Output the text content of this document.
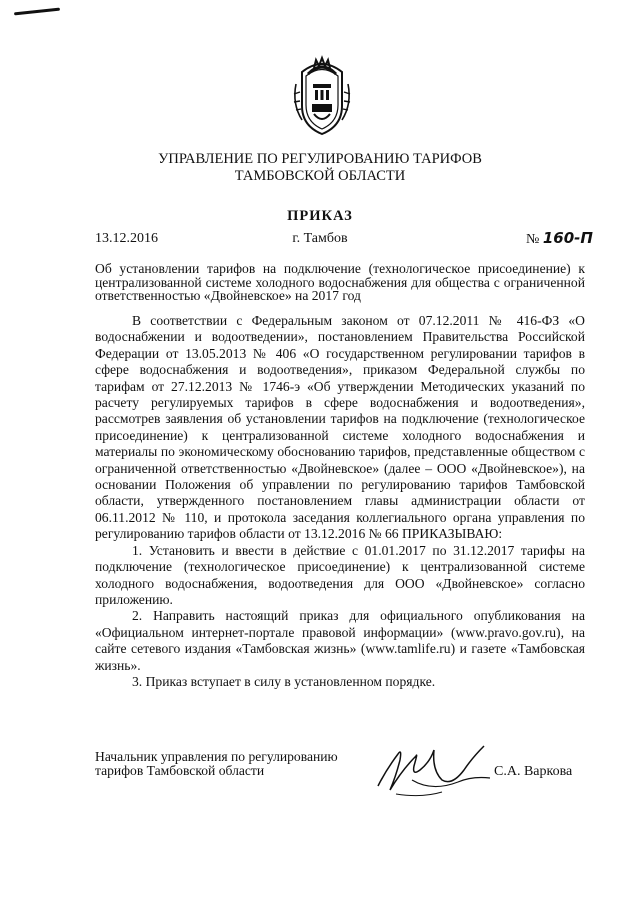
УПРАВЛЕНИЕ ПО РЕГУЛИРОВАНИЮ ТАРИФОВ
ТАМБОВСКОЙ ОБЛАСТИ
ПРИКАЗ
13.12.2016	г. Тамбов	№ 160-П
Об установлении тарифов на подключение (технологическое присоединение) к централизованной системе холодного водоснабжения для общества с ограниченной ответственностью «Двойневское» на 2017 год

В соответствии с Федеральным законом от 07.12.2011 № 416-ФЗ «О водоснабжении и водоотведении», постановлением Правительства Российской Федерации от 13.05.2013 № 406 «О государственном регулировании тарифов в сфере водоснабжения и водоотведения», приказом Федеральной службы по тарифам от 27.12.2013 № 1746-э «Об утверждении Методических указаний по расчету регулируемых тарифов в сфере водоснабжения и водоотведения», рассмотрев заявления об установлении тарифов на подключение (технологическое присоединение) к централизованной системе холодного водоснабжения и материалы по экономическому обоснованию тарифов, представленные обществом с ограниченной ответственностью «Двойневское» (далее – ООО «Двойневское»), на основании Положения об управлении по регулированию тарифов Тамбовской области, утвержденного постановлением главы администрации области от 06.11.2012 № 110, и протокола заседания коллегиального органа управления по регулированию тарифов области от 13.12.2016 № 66 ПРИКАЗЫВАЮ:

1. Установить и ввести в действие с 01.01.2017 по 31.12.2017 тарифы на подключение (технологическое присоединение) к централизованной системе холодного водоснабжения, водоотведения для ООО «Двойневское» согласно приложению.

2. Направить настоящий приказ для официального опубликования на «Официальном интернет-портале правовой информации» (www.pravo.gov.ru), на сайте сетевого издания «Тамбовская жизнь» (www.tamlife.ru) и газете «Тамбовская жизнь».

3. Приказ вступает в силу в установленном порядке.

Начальник управления по регулированию
тарифов Тамбовской области	С.А. Варкова
